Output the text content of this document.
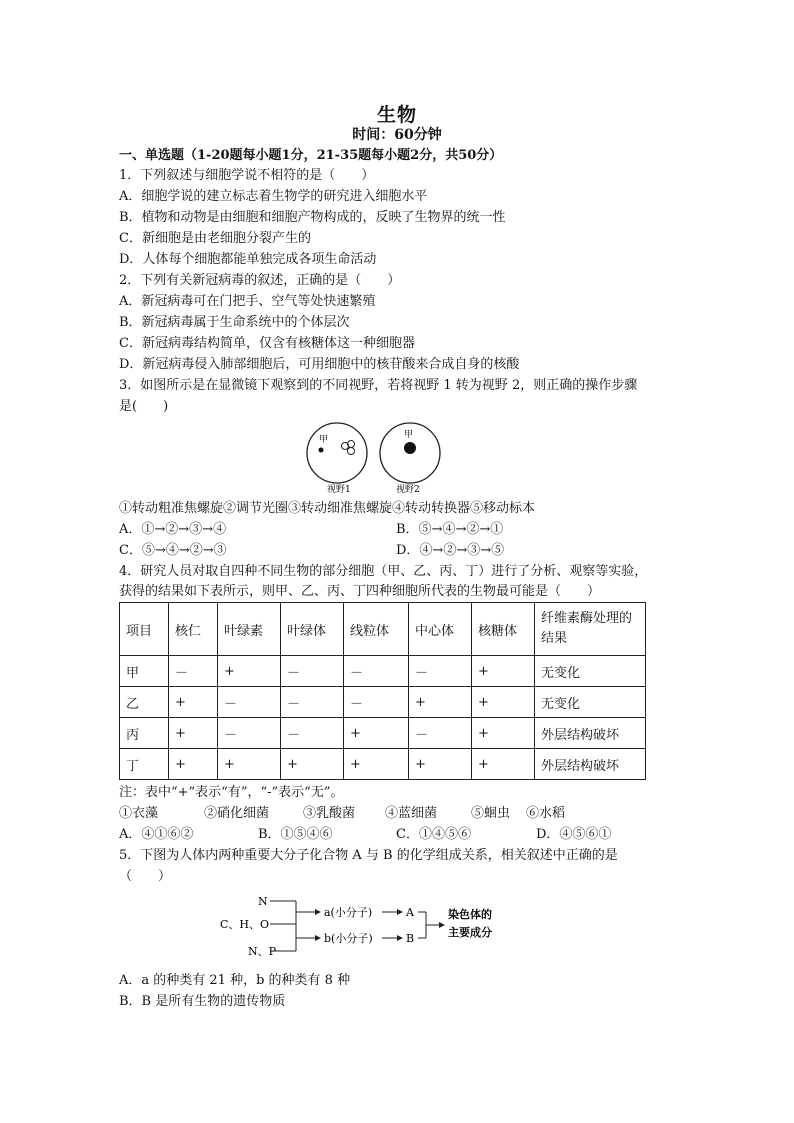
生物
时间：60分钟
一、单选题（1-20题每小题1分，21-35题每小题2分，共50分）
1．下列叙述与细胞学说不相符的是（　　）
A．细胞学说的建立标志着生物学的研究进入细胞水平
B．植物和动物是由细胞和细胞产物构成的，反映了生物界的统一性
C．新细胞是由老细胞分裂产生的
D．人体每个细胞都能单独完成各项生命活动
2．下列有关新冠病毒的叙述，正确的是（　　）
A．新冠病毒可在门把手、空气等处快速繁殖
B．新冠病毒属于生命系统中的个体层次
C．新冠病毒结构简单，仅含有核糖体这一种细胞器
D．新冠病毒侵入肺部细胞后，可用细胞中的核苷酸来合成自身的核酸
3．如图所示是在显微镜下观察到的不同视野，若将视野 1 转为视野 2，则正确的操作步骤
是(　　)
甲	甲
视野1	视野2
①转动粗准焦螺旋②调节光圈③转动细准焦螺旋④转动转换器⑤移动标本
A．①→②→③→④	B．⑤→④→②→①
C．⑤→④→②→③	D．④→②→③→⑤
4．研究人员对取自四种不同生物的部分细胞（甲、乙、丙、丁）进行了分析、观察等实验，
获得的结果如下表所示，则甲、乙、丙、丁四种细胞所代表的生物最可能是（　　）
项目	核仁	叶绿素	叶绿体	线粒体	中心体	核糖体	纤维素酶处理的结果
甲	－	+	－	－	－	+	无变化
乙	+	－	－	－	+	+	无变化
丙	+	－	－	+	－	+	外层结构破坏
丁	+	+	+	+	+	+	外层结构破坏
注：表中“+”表示“有”，“-”表示“无”。
①衣藻	②硝化细菌	③乳酸菌 ④蓝细菌	⑤蛔虫 ⑥水稻
A．④①⑥②	B．①⑤④⑥	C．①④⑤⑥	D．④⑤⑥①
5．下图为人体内两种重要大分子化合物 A 与 B 的化学组成关系，相关叙述中正确的是
（　　）
N
C、H、O
N、P
a(小分子)
b(小分子)
A
B
染色体的
主要成分
A．a 的种类有 21 种，b 的种类有 8 种
B．B 是所有生物的遗传物质
